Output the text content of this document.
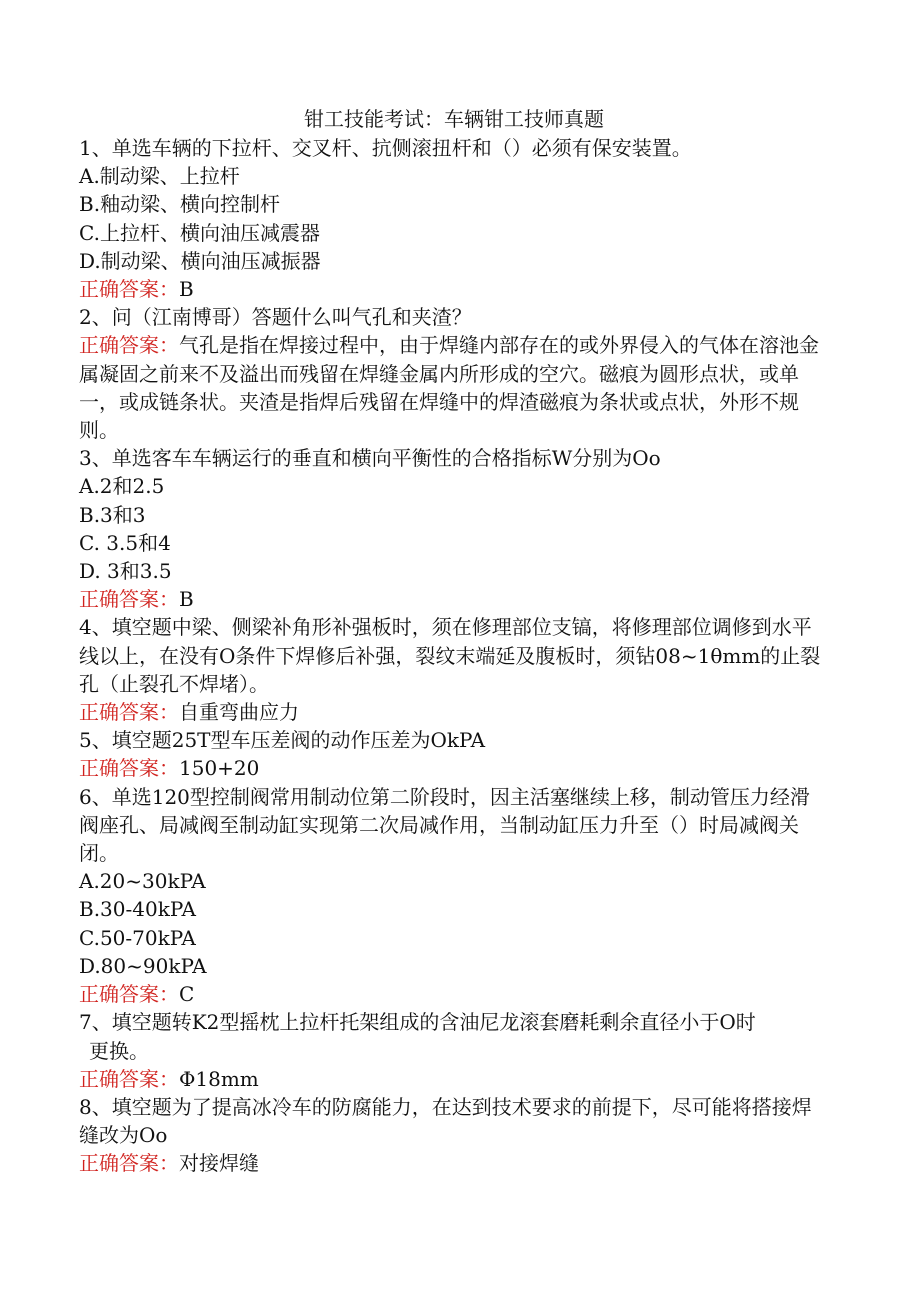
钳工技能考试：车辆钳工技师真题
1、单选车辆的下拉杆、交叉杆、抗侧滚扭杆和（）必须有保安装置。
A.制动梁、上拉杆
B.釉动梁、横向控制杆
C.上拉杆、横向油压减震器
D.制动梁、横向油压减振器
正确答案：B
2、问（江南博哥）答题什么叫气孔和夹渣？
正确答案：气孔是指在焊接过程中，由于焊缝内部存在的或外界侵入的气体在溶池金属凝固之前来不及溢出而残留在焊缝金属内所形成的空穴。磁痕为圆形点状，或单一，或成链条状。夹渣是指焊后残留在焊缝中的焊渣磁痕为条状或点状，外形不规则。
3、单选客车车辆运行的垂直和横向平衡性的合格指标W分别为Oo
A.2和2.5
B.3和3
C. 3.5和4
D. 3和3.5
正确答案：B
4、填空题中梁、侧梁补角形补强板时，须在修理部位支镐，将修理部位调修到水平线以上，在没有O条件下焊修后补强，裂纹末端延及腹板时，须钻08~1θmm的止裂孔（止裂孔不焊堵）。
正确答案：自重弯曲应力
5、填空题25T型车压差阀的动作压差为OkPA
正确答案：150+20
6、单选120型控制阀常用制动位第二阶段时，因主活塞继续上移，制动管压力经滑阀座孔、局减阀至制动缸实现第二次局减作用，当制动缸压力升至（）时局减阀关闭。
A.20~30kPA
B.30-40kPA
C.50-70kPA
D.80~90kPA
正确答案：C
7、填空题转K2型摇枕上拉杆托架组成的含油尼龙滚套磨耗剩余直径小于O时
更换。
正确答案：Φ18mm
8、填空题为了提高冰冷车的防腐能力，在达到技术要求的前提下，尽可能将搭接焊缝改为Oo
正确答案：对接焊缝
